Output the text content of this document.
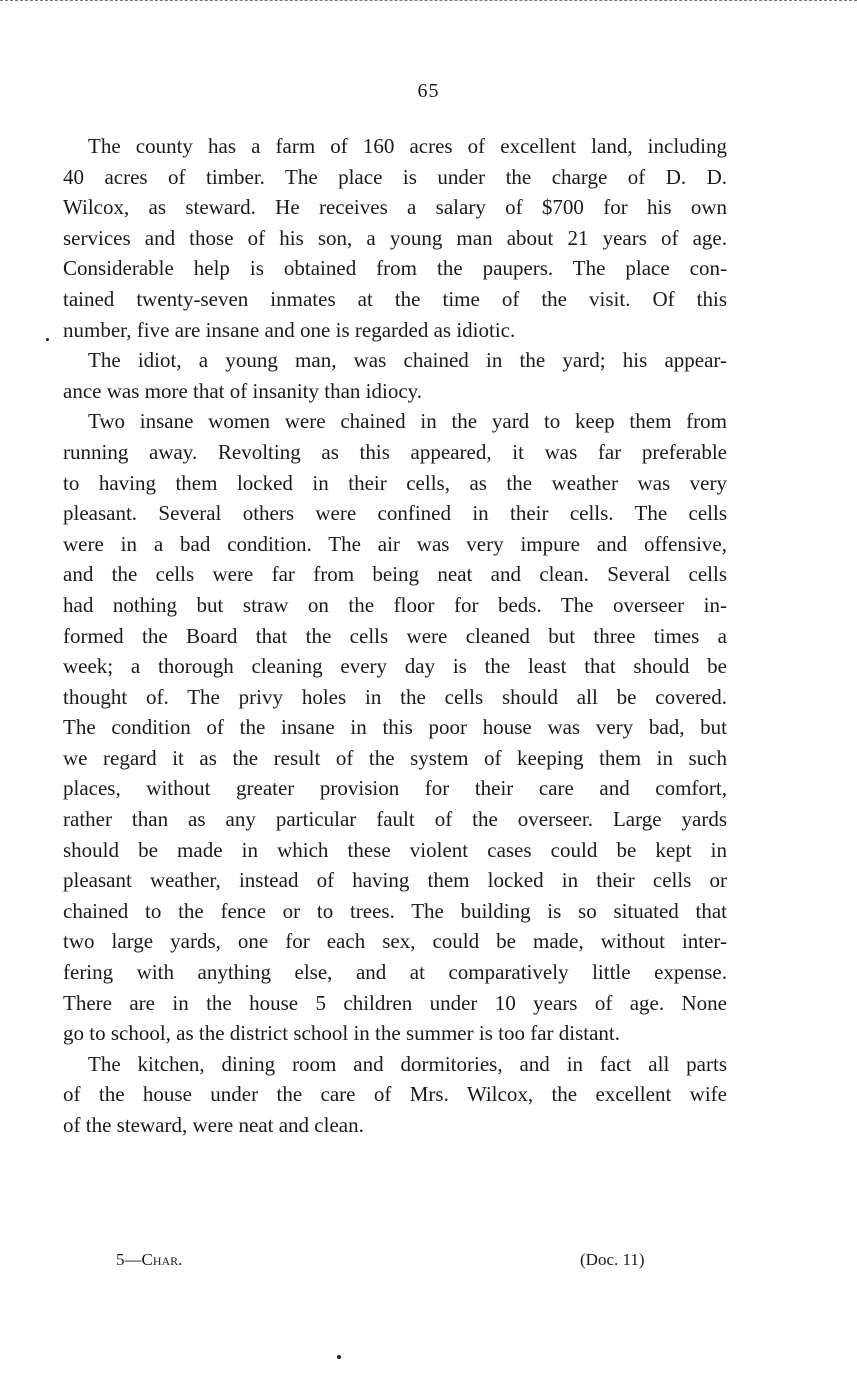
65
The county has a farm of 160 acres of excellent land, including
40 acres of timber. The place is under the charge of D. D.
Wilcox, as steward. He receives a salary of $700 for his own
services and those of his son, a young man about 21 years of age.
Considerable help is obtained from the paupers. The place con-
tained twenty-seven inmates at the time of the visit. Of this
number, five are insane and one is regarded as idiotic.
The idiot, a young man, was chained in the yard; his appear-
ance was more that of insanity than idiocy.
Two insane women were chained in the yard to keep them from
running away. Revolting as this appeared, it was far preferable
to having them locked in their cells, as the weather was very
pleasant. Several others were confined in their cells. The cells
were in a bad condition. The air was very impure and offensive,
and the cells were far from being neat and clean. Several cells
had nothing but straw on the floor for beds. The overseer in-
formed the Board that the cells were cleaned but three times a
week; a thorough cleaning every day is the least that should be
thought of. The privy holes in the cells should all be covered.
The condition of the insane in this poor house was very bad, but
we regard it as the result of the system of keeping them in such
places, without greater provision for their care and comfort,
rather than as any particular fault of the overseer. Large yards
should be made in which these violent cases could be kept in
pleasant weather, instead of having them locked in their cells or
chained to the fence or to trees. The building is so situated that
two large yards, one for each sex, could be made, without inter-
fering with anything else, and at comparatively little expense.
There are in the house 5 children under 10 years of age. None
go to school, as the district school in the summer is too far distant.
The kitchen, dining room and dormitories, and in fact all parts
of the house under the care of Mrs. Wilcox, the excellent wife
of the steward, were neat and clean.
5—Char.	(Doc. 11)
